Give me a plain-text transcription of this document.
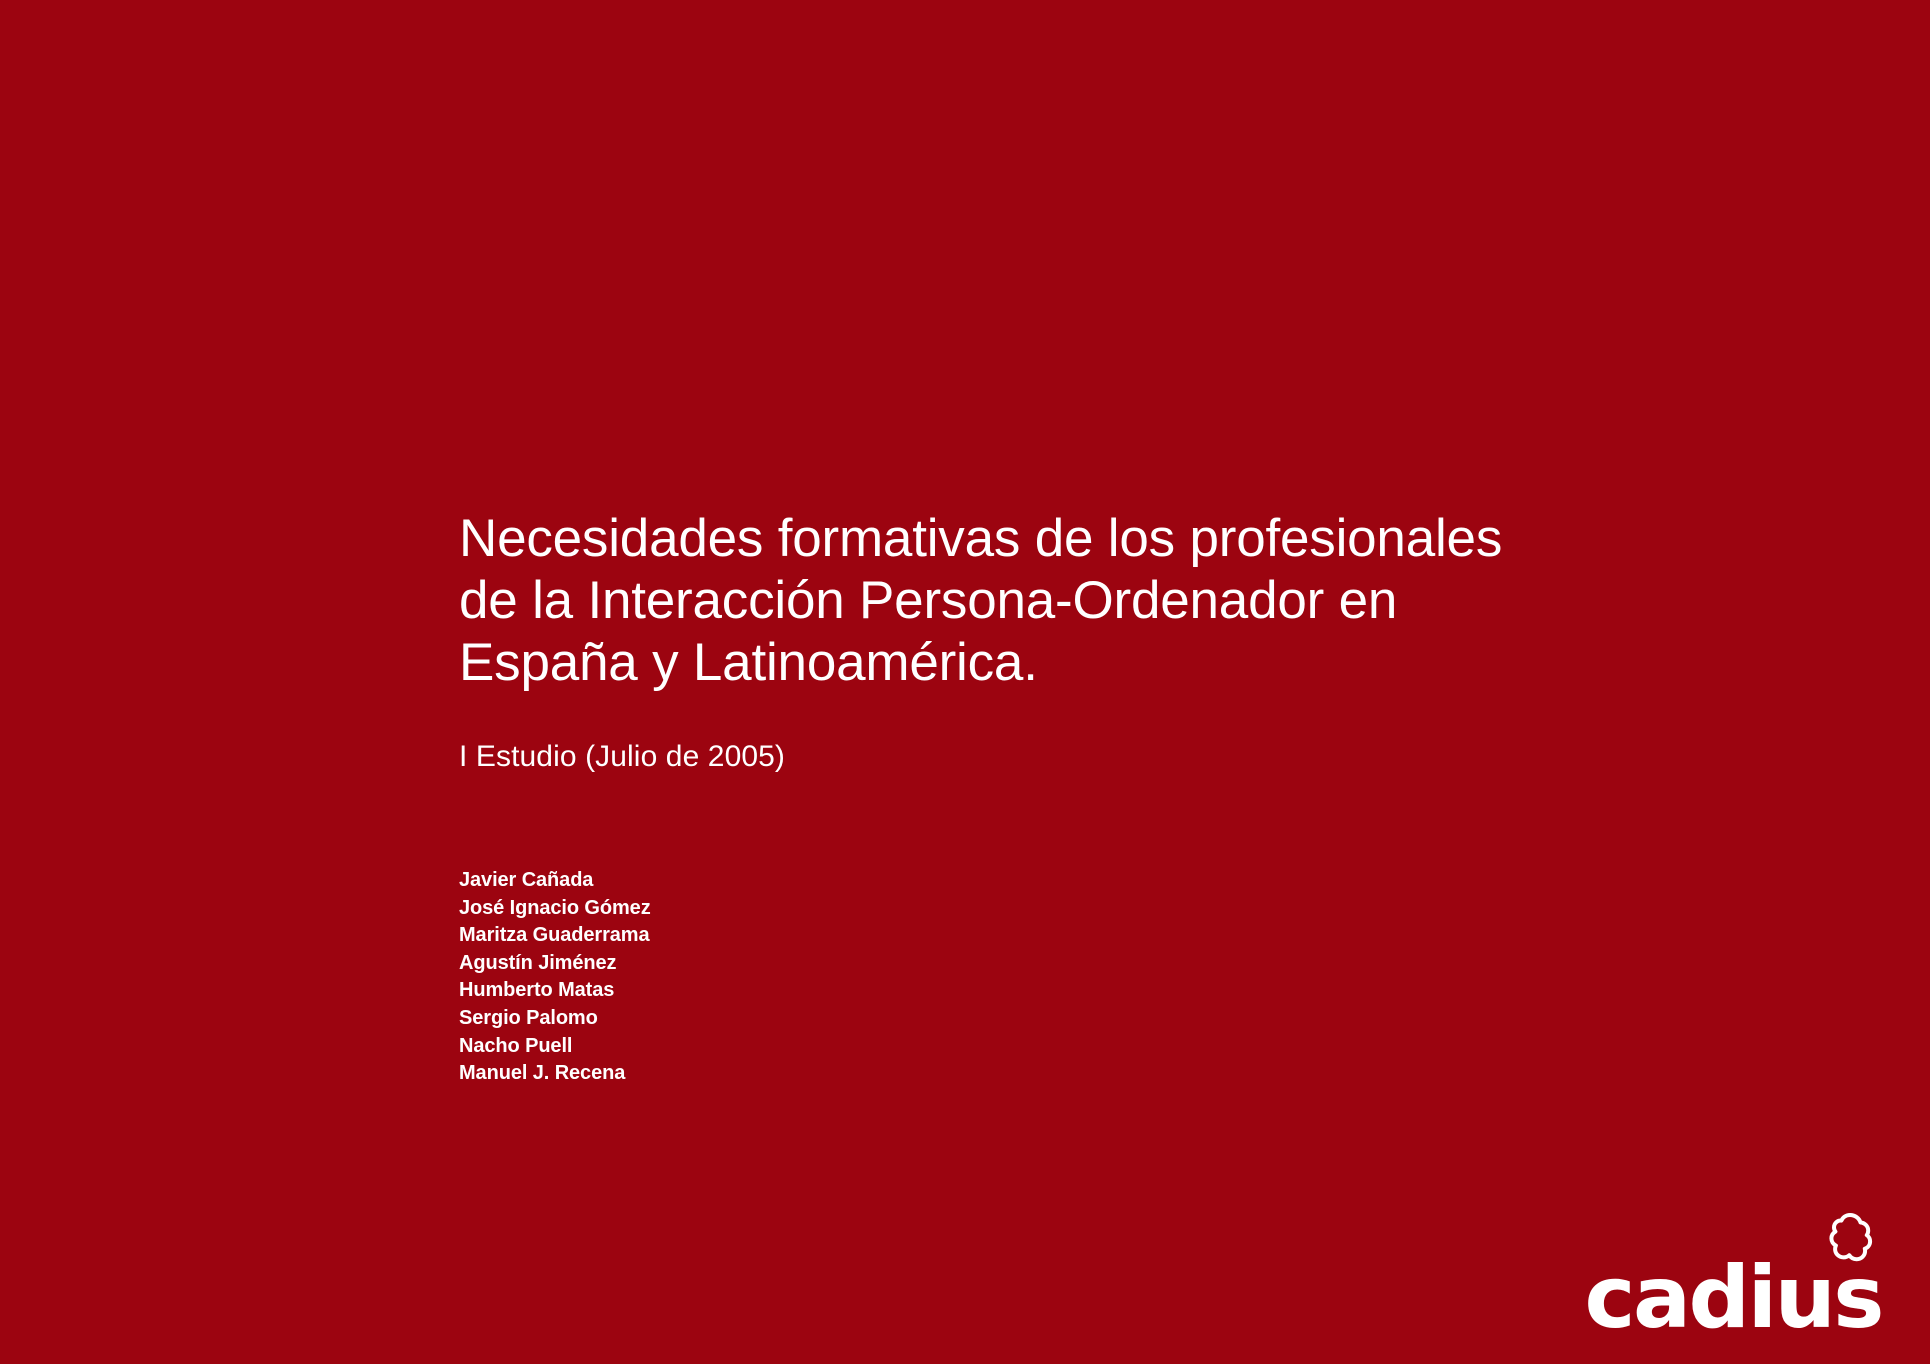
Necesidades formativas de los profesionales de la Interacción Persona-Ordenador en España y Latinoamérica.

I Estudio (Julio de 2005)

Javier Cañada
José Ignacio Gómez
Maritza Guaderrama
Agustín Jiménez
Humberto Matas
Sergio Palomo
Nacho Puell
Manuel J. Recena
cadius
